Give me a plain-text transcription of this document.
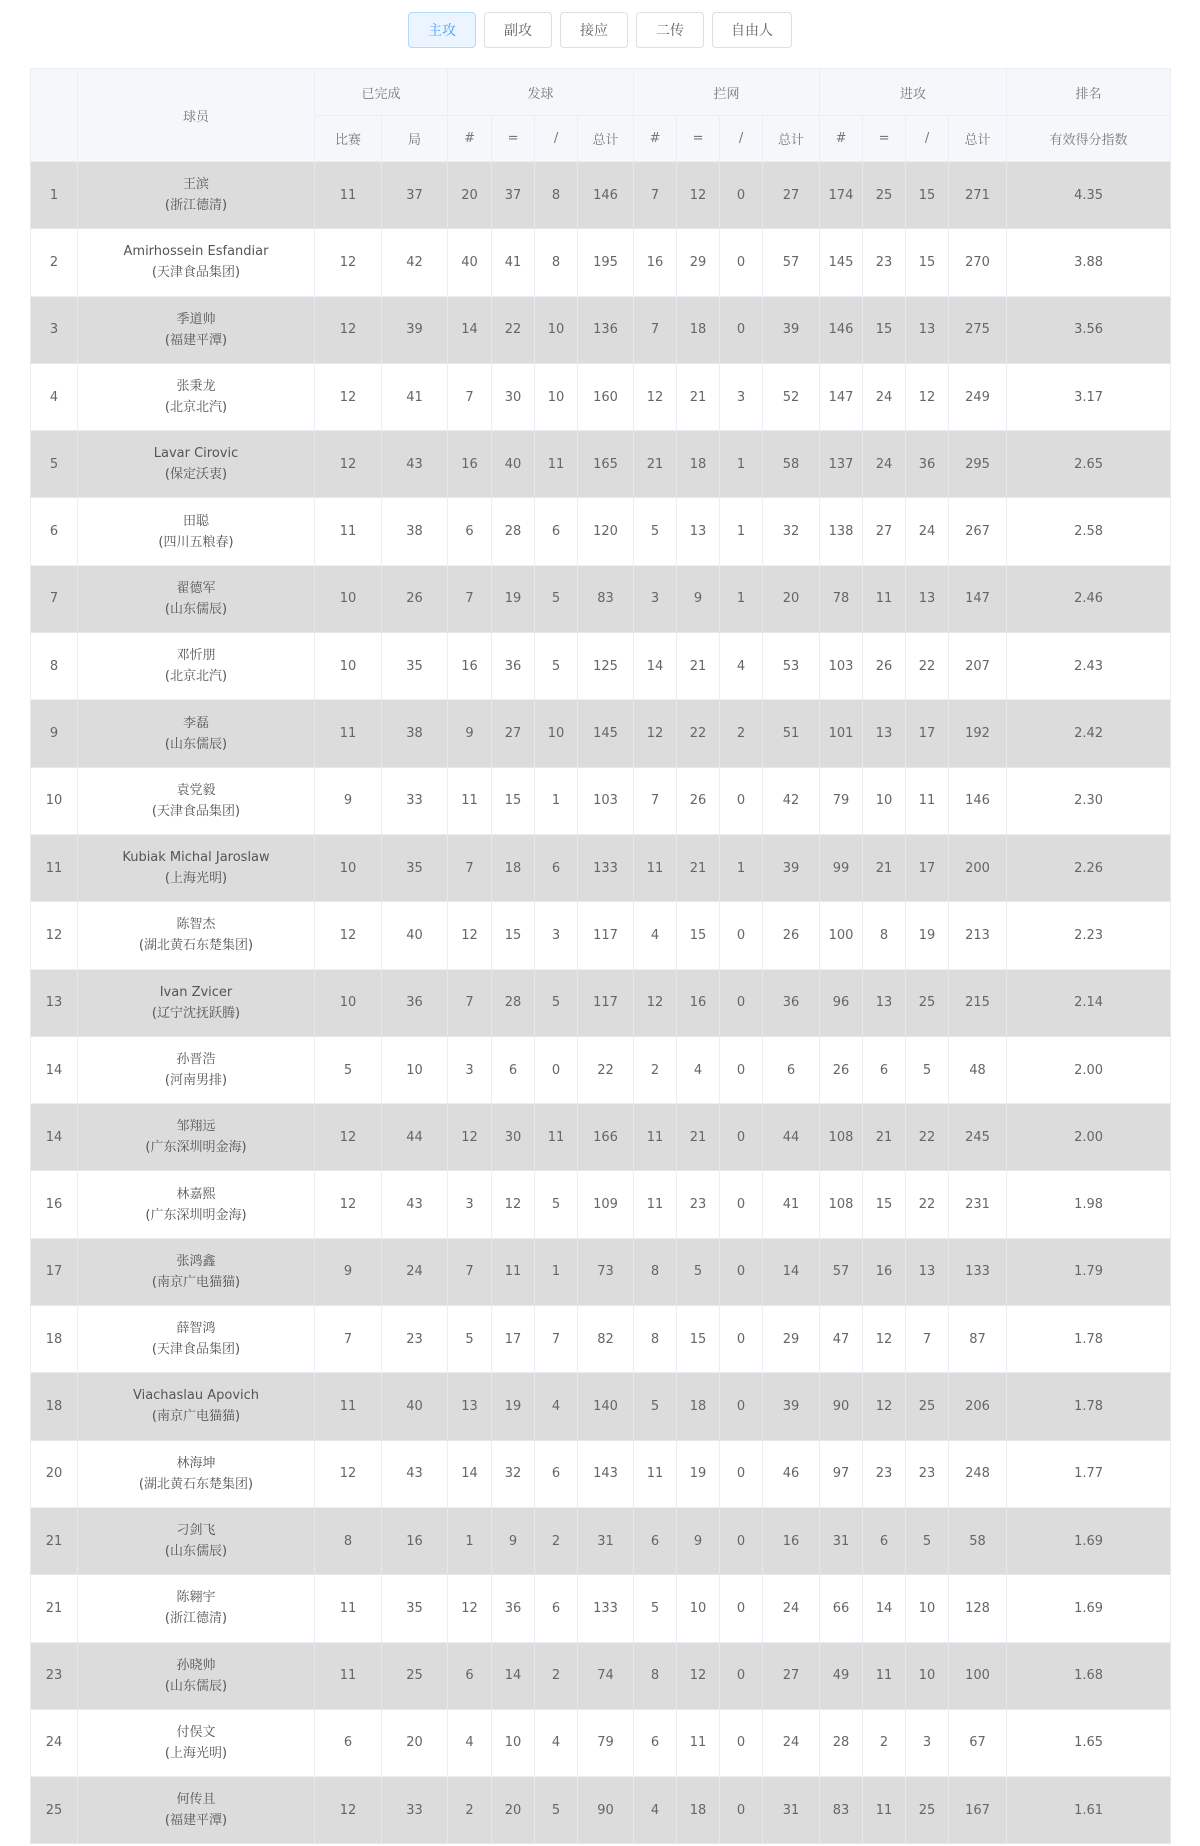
主攻	副攻	接应	二传	自由人
	球员	已完成		发球				拦网				进攻				排名
		比赛	局	#	=	/	总计	#	=	/	总计	#	=	/	总计	有效得分指数
1	王滨
(浙江德清)	11	37	20	37	8	146	7	12	0	27	174	25	15	271	4.35
2	Amirhossein Esfandiar
(天津食品集团)	12	42	40	41	8	195	16	29	0	57	145	23	15	270	3.88
3	季道帅
(福建平潭)	12	39	14	22	10	136	7	18	0	39	146	15	13	275	3.56
4	张秉龙
(北京北汽)	12	41	7	30	10	160	12	21	3	52	147	24	12	249	3.17
5	Lavar Cirovic
(保定沃衷)	12	43	16	40	11	165	21	18	1	58	137	24	36	295	2.65
6	田聪
(四川五粮春)	11	38	6	28	6	120	5	13	1	32	138	27	24	267	2.58
7	翟德军
(山东儒辰)	10	26	7	19	5	83	3	9	1	20	78	11	13	147	2.46
8	邓忻朋
(北京北汽)	10	35	16	36	5	125	14	21	4	53	103	26	22	207	2.43
9	李磊
(山东儒辰)	11	38	9	27	10	145	12	22	2	51	101	13	17	192	2.42
10	袁党毅
(天津食品集团)	9	33	11	15	1	103	7	26	0	42	79	10	11	146	2.30
11	Kubiak Michal Jaroslaw
(上海光明)	10	35	7	18	6	133	11	21	1	39	99	21	17	200	2.26
12	陈智杰
(湖北黄石东楚集团)	12	40	12	15	3	117	4	15	0	26	100	8	19	213	2.23
13	Ivan Zvicer
(辽宁沈抚跃腾)	10	36	7	28	5	117	12	16	0	36	96	13	25	215	2.14
14	孙晋浩
(河南男排)	5	10	3	6	0	22	2	4	0	6	26	6	5	48	2.00
14	邹翔远
(广东深圳明金海)	12	44	12	30	11	166	11	21	0	44	108	21	22	245	2.00
16	林嘉熙
(广东深圳明金海)	12	43	3	12	5	109	11	23	0	41	108	15	22	231	1.98
17	张鸿鑫
(南京广电猫猫)	9	24	7	11	1	73	8	5	0	14	57	16	13	133	1.79
18	薛智鸿
(天津食品集团)	7	23	5	17	7	82	8	15	0	29	47	12	7	87	1.78
18	Viachaslau Apovich
(南京广电猫猫)	11	40	13	19	4	140	5	18	0	39	90	12	25	206	1.78
20	林海坤
(湖北黄石东楚集团)	12	43	14	32	6	143	11	19	0	46	97	23	23	248	1.77
21	刁剑飞
(山东儒辰)	8	16	1	9	2	31	6	9	0	16	31	6	5	58	1.69
21	陈翱宇
(浙江德清)	11	35	12	36	6	133	5	10	0	24	66	14	10	128	1.69
23	孙晓帅
(山东儒辰)	11	25	6	14	2	74	8	12	0	27	49	11	10	100	1.68
24	付俣文
(上海光明)	6	20	4	10	4	79	6	11	0	24	28	2	3	67	1.65
25	何传且
(福建平潭)	12	33	2	20	5	90	4	18	0	31	83	11	25	167	1.61
